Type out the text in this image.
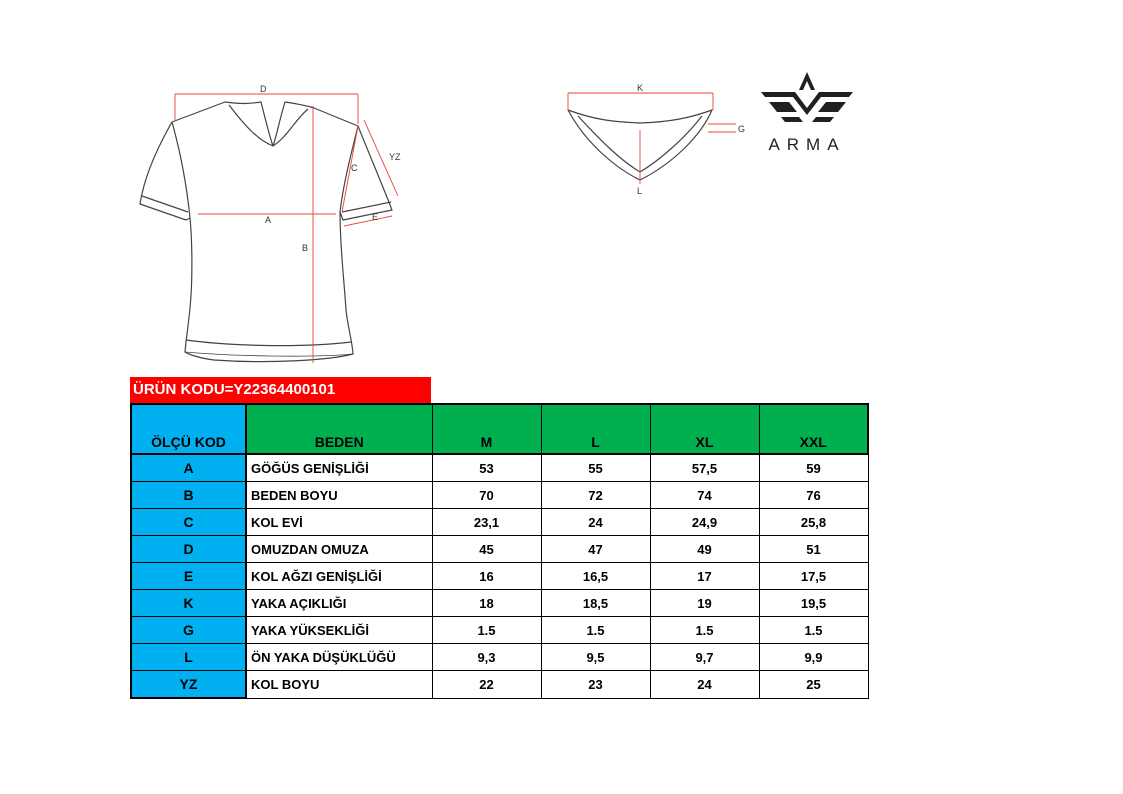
D
YZ
C
A	E
B
K
G
L
ARMA
ÜRÜN KODU=Y22364400101
ÖLÇÜ KOD	BEDEN	M	L	XL	XXL
A	GÖĞÜS GENİŞLİĞİ	53	55	57,5	59
B	BEDEN BOYU	70	72	74	76
C	KOL EVİ	23,1	24	24,9	25,8
D	OMUZDAN OMUZA	45	47	49	51
E	KOL AĞZI GENİŞLİĞİ	16	16,5	17	17,5
K	YAKA AÇIKLIĞI	18	18,5	19	19,5
G	YAKA YÜKSEKLİĞİ	1.5	1.5	1.5	1.5
L	ÖN YAKA DÜŞÜKLÜĞÜ	9,3	9,5	9,7	9,9
YZ	KOL BOYU	22	23	24	25
